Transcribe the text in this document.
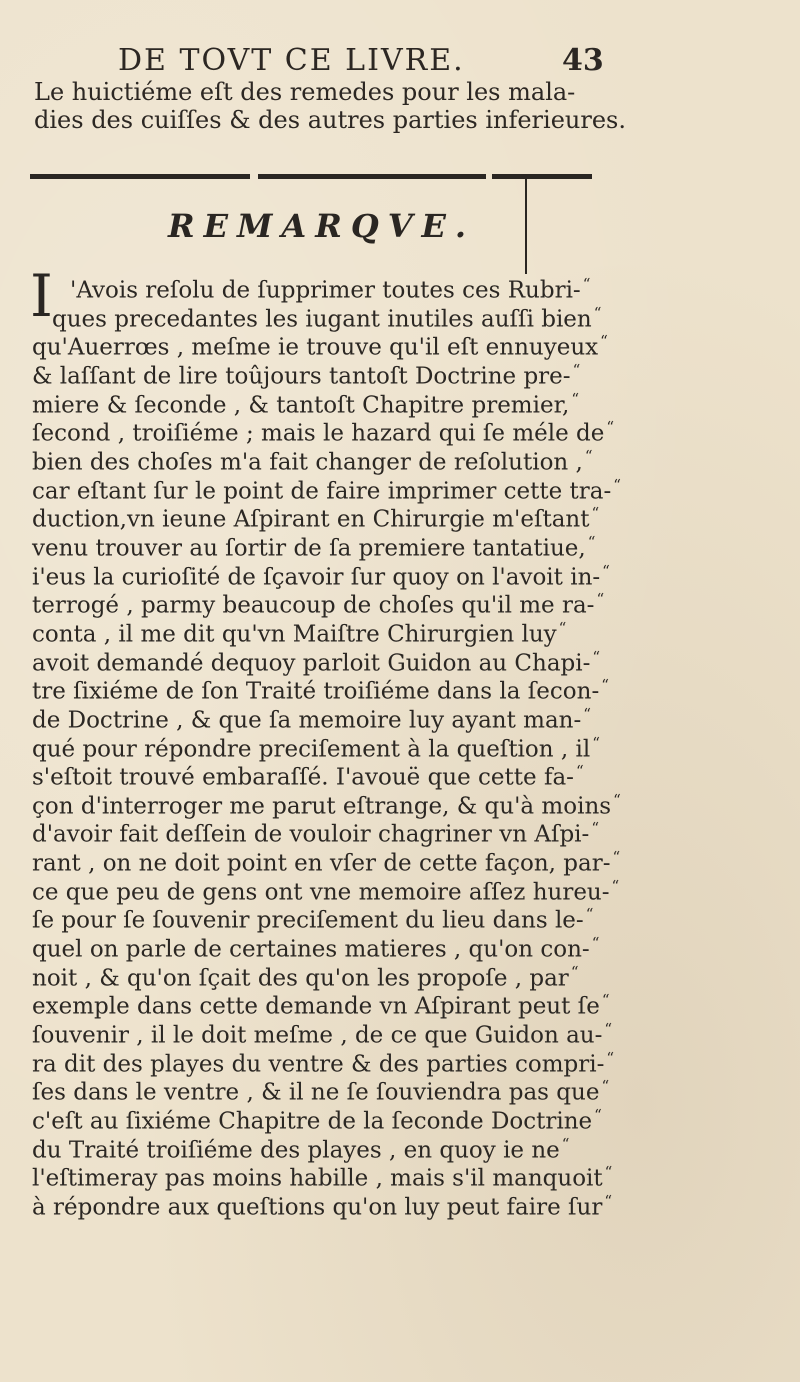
DE TOVT CE LIVRE.	43

Le huictiéme eſt des remedes pour les mala-

dies des cuiſſes & des autres parties inferieures.

REMARQVE.
I 'Avois reſolu de ſupprimer toutes ces Rubri- “
ques precedantes les iugant inutiles auſſi bien “
qu'Auerrœs , meſme ie trouve qu'il eſt ennuyeux “
& laſſant de lire toûjours tantoſt Doctrine pre- “
miere & ſeconde , & tantoſt Chapitre premier, “
ſecond , troiſiéme ; mais le hazard qui ſe méle de “
bien des choſes m'a fait changer de reſolution , “
car eſtant ſur le point de faire imprimer cette tra- “
duction,vn ieune Aſpirant en Chirurgie m'eſtant “
venu trouver au ſortir de ſa premiere tantatiue, “
i'eus la curioſité de ſçavoir ſur quoy on l'avoit in- “
terrogé , parmy beaucoup de choſes qu'il me ra- “
conta , il me dit qu'vn Maiſtre Chirurgien luy “
avoit demandé dequoy parloit Guidon au Chapi- “
tre ſixiéme de ſon Traité troiſiéme dans la ſecon- “
de Doctrine , & que ſa memoire luy ayant man- “
qué pour répondre preciſement à la queſtion , il “
s'eſtoit trouvé embaraſſé. I'avouë que cette fa- “
çon d'interroger me parut eſtrange, & qu'à moins “
d'avoir fait deſſein de vouloir chagriner vn Aſpi- “
rant , on ne doit point en vſer de cette façon, par- “
ce que peu de gens ont vne memoire aſſez hureu- “
ſe pour ſe ſouvenir preciſement du lieu dans le- “
quel on parle de certaines matieres , qu'on con- “
noit , & qu'on ſçait des qu'on les propoſe , par “
exemple dans cette demande vn Aſpirant peut ſe “
ſouvenir , il le doit meſme , de ce que Guidon au- “
ra dit des playes du ventre & des parties compri- “
ſes dans le ventre , & il ne ſe ſouviendra pas que “
c'eſt au ſixiéme Chapitre de la ſeconde Doctrine “
du Traité troiſiéme des playes , en quoy ie ne “
l'eſtimeray pas moins habille , mais s'il manquoit “
à répondre aux queſtions qu'on luy peut faire ſur “
